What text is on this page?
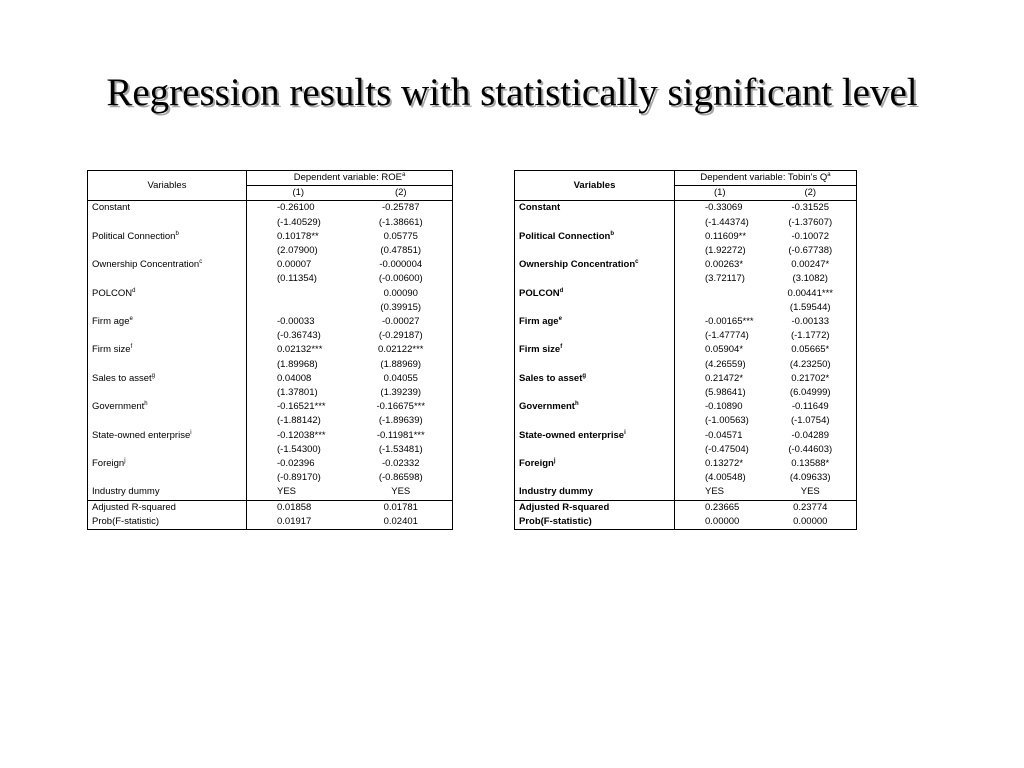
Regression results with statistically significant level
Variables	Dependent variable: ROE$^a$
	(1)	(2)
Constant	-0.26100	-0.25787
	(-1.40529)	(-1.38661)
Political Connection$^b$	0.10178**	0.05775
	(2.07900)	(0.47851)
Ownership Concentration$^c$	0.00007	-0.000004
	(0.11354)	(-0.00600)
POLCON$^d$		0.00090
		(0.39915)
Firm age$^e$	-0.00033	-0.00027
	(-0.36743)	(-0.29187)
Firm size$^f$	0.02132***	0.02122***
	(1.89968)	(1.88969)
Sales to asset$^g$	0.04008	0.04055
	(1.37801)	(1.39239)
Government$^h$	-0.16521***	-0.16675***
	(-1.88142)	(-1.89639)
State-owned enterprise$^i$	-0.12038***	-0.11981***
	(-1.54300)	(-1.53481)
Foreign$^j$	-0.02396	-0.02332
	(-0.89170)	(-0.86598)
Industry dummy	YES	YES
Adjusted R-squared	0.01858	0.01781
Prob(F-statistic)	0.01917	0.02401
Variables	Dependent variable: Tobin's $Q^a$
	(1)	(2)
Constant	-0.33069	-0.31525
	(-1.44374)	(-1.37607)
Political Connection$^b$	0.11609**	-0.10072
	(1.92272)	(-0.67738)
Ownership Concentration$^c$	0.00263*	0.00247*
	(3.72117)	(3.1082)
POLCON$^d$		0.00441***
		(1.59544)
Firm age$^e$	-0.00165***	-0.00133
	(-1.47774)	(-1.1772)
Firm size$^f$	0.05904*	0.05665*
	(4.26559)	(4.23250)
Sales to asset$^g$	0.21472*	0.21702*
	(5.98641)	(6.04999)
Government$^h$	-0.10890	-0.11649
	(-1.00563)	(-1.0754)
State-owned enterprise$^i$	-0.04571	-0.04289
	(-0.47504)	(-0.44603)
Foreign$^j$	0.13272*	0.13588*
	(4.00548)	(4.09633)
Industry dummy	YES	YES
Adjusted R-squared	0.23665	0.23774
Prob(F-statistic)	0.00000	0.00000
